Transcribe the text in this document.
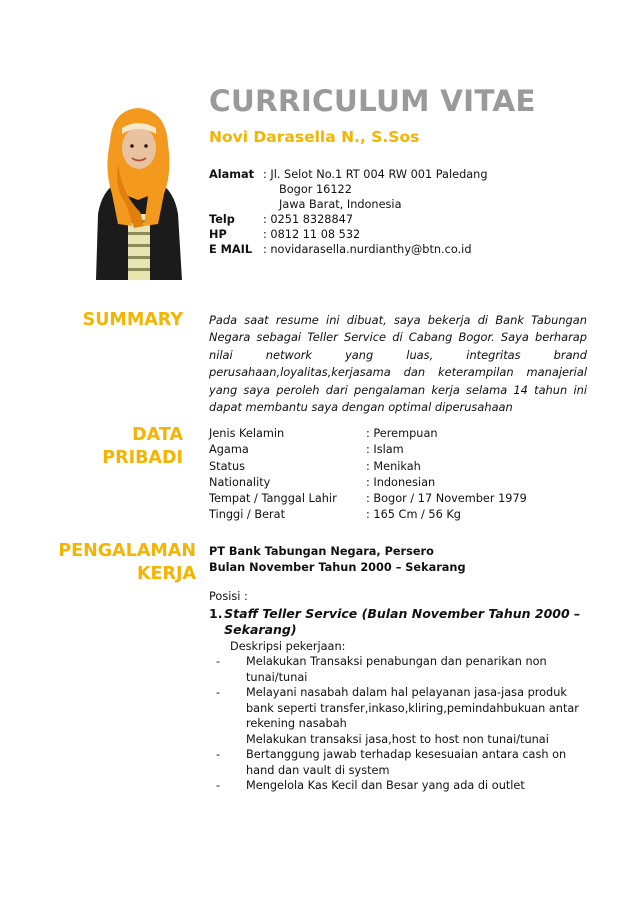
CURRICULUM VITAE
Novi Darasella N., S.Sos
Alamat : Jl. Selot No.1 RT 004 RW 001 Paledang
Bogor 16122
Jawa Barat, Indonesia
Telp	: 0251 8328847
HP	: 0812 11 08 532
E MAIL : novidarasella.nurdianthy@btn.co.id
SUMMARY Pada saat resume ini dibuat, saya bekerja di Bank Tabungan Negara sebagai Teller Service di Cabang Bogor. Saya berharap nilai network yang luas, integritas brand perusahaan,loyalitas,kerjasama dan keterampilan manajerial yang saya peroleh dari pengalaman kerja selama 14 tahun ini dapat membantu saya dengan optimal diperusahaan
DATA
PRIBADI
Jenis Kelamin	: Perempuan
Agama	: Islam
Status	: Menikah
Nationality	: Indonesian
Tempat / Tanggal Lahir	: Bogor / 17 November 1979
Tinggi / Berat	: 165 Cm / 56 Kg
PENGALAMAN
KERJA
PT Bank Tabungan Negara, Persero
Bulan November Tahun 2000 – Sekarang
Posisi :
1. Staff Teller Service (Bulan November Tahun 2000 – Sekarang)
Deskripsi pekerjaan:
-	Melakukan Transaksi penabungan dan penarikan non tunai/tunai
-	Melayani nasabah dalam hal pelayanan jasa-jasa produk bank seperti transfer,inkaso,kliring,pemindahbukuan antar rekening nasabah
Melakukan transaksi jasa,host to host non tunai/tunai
-	Bertanggung jawab terhadap kesesuaian antara cash on hand dan vault di system
-	Mengelola Kas Kecil dan Besar yang ada di outlet
